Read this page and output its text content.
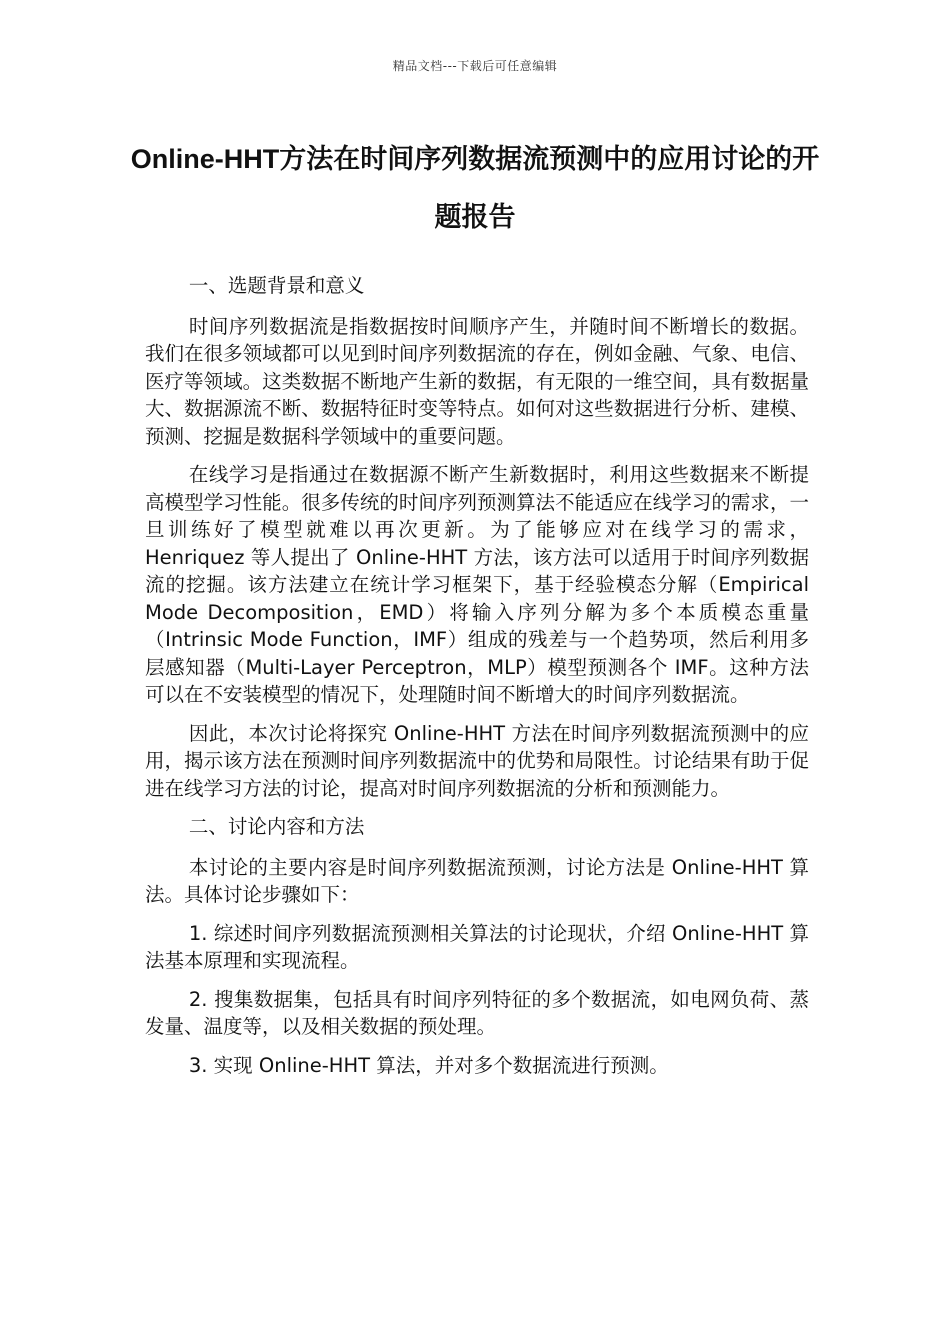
精品文档---下载后可任意编辑
Online-HHT方法在时间序列数据流预测中的应用讨论的开题报告

一、选题背景和意义

时间序列数据流是指数据按时间顺序产生，并随时间不断增长的数据。我们在很多领域都可以见到时间序列数据流的存在，例如金融、气象、电信、医疗等领域。这类数据不断地产生新的数据，有无限的一维空间，具有数据量大、数据源流不断、数据特征时变等特点。如何对这些数据进行分析、建模、预测、挖掘是数据科学领域中的重要问题。

在线学习是指通过在数据源不断产生新数据时，利用这些数据来不断提高模型学习性能。很多传统的时间序列预测算法不能适应在线学习的需求，一旦训练好了模型就难以再次更新。为了能够应对在线学习的需求，Henriquez 等人提出了 Online-HHT 方法，该方法可以适用于时间序列数据流的挖掘。该方法建立在统计学习框架下，基于经验模态分解（Empirical Mode Decomposition，EMD）将输入序列分解为多个本质模态重量（Intrinsic Mode Function，IMF）组成的残差与一个趋势项，然后利用多层感知器（Multi-Layer Perceptron，MLP）模型预测各个 IMF。这种方法可以在不安装模型的情况下，处理随时间不断增大的时间序列数据流。

因此，本次讨论将探究 Online-HHT 方法在时间序列数据流预测中的应用，揭示该方法在预测时间序列数据流中的优势和局限性。讨论结果有助于促进在线学习方法的讨论，提高对时间序列数据流的分析和预测能力。

二、讨论内容和方法

本讨论的主要内容是时间序列数据流预测，讨论方法是 Online-HHT 算法。具体讨论步骤如下：

1. 综述时间序列数据流预测相关算法的讨论现状，介绍 Online-HHT 算法基本原理和实现流程。

2. 搜集数据集，包括具有时间序列特征的多个数据流，如电网负荷、蒸发量、温度等，以及相关数据的预处理。

3. 实现 Online-HHT 算法，并对多个数据流进行预测。
